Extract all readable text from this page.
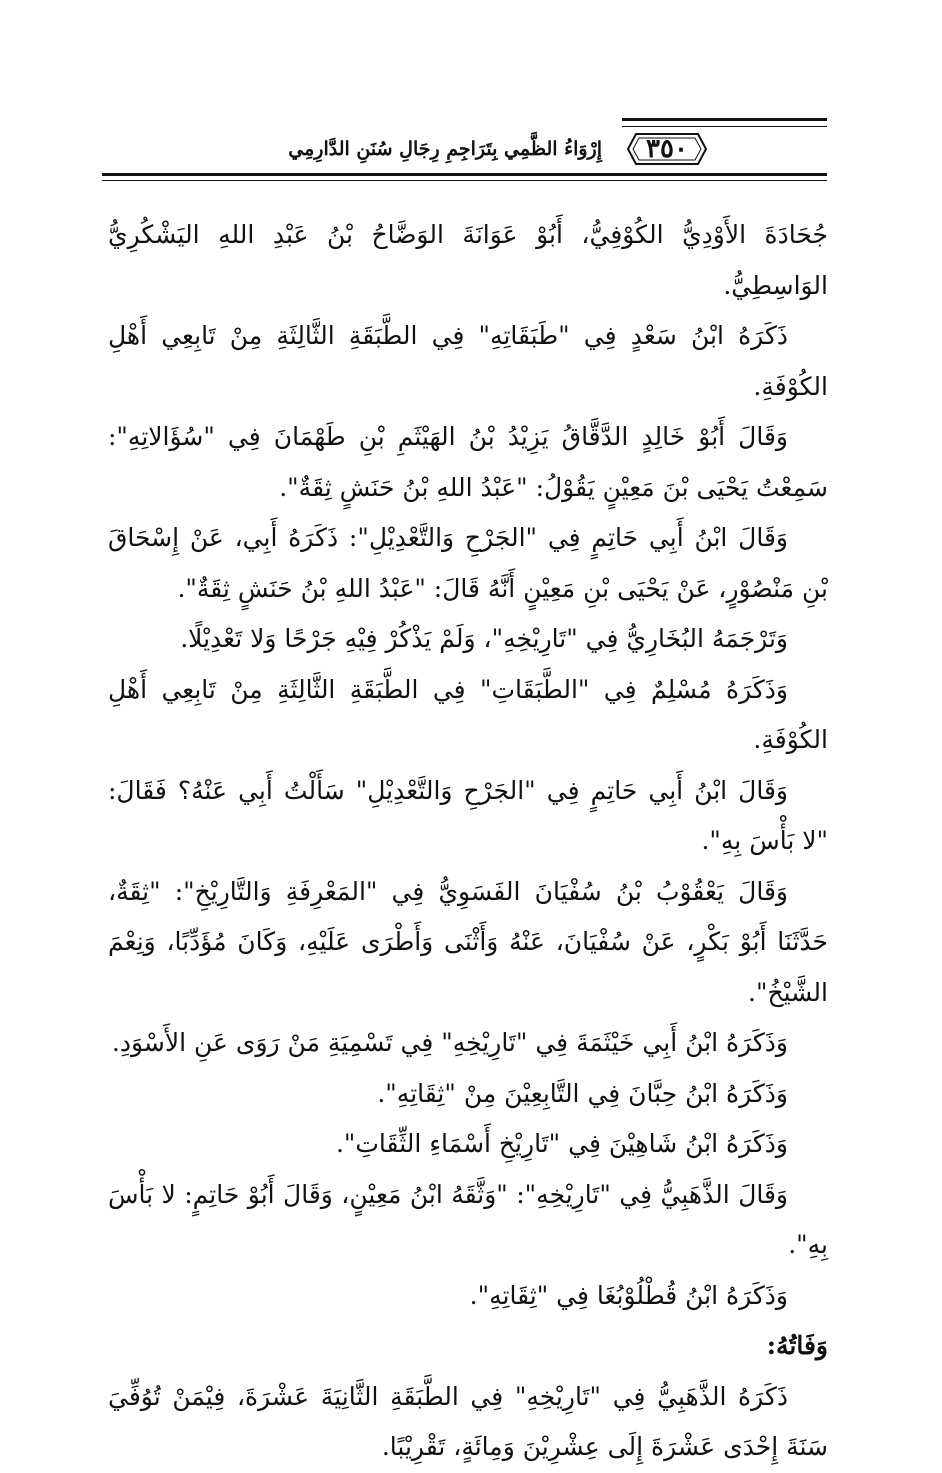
٣٥٠
إِرْوَاءُ الظَّمِي بِتَرَاجِمِ رِجَالِ سُنَنِ الدَّارِمِي

جُحَادَةَ الأَوْدِيُّ الكُوْفِيُّ، أَبُوْ عَوَانَةَ الوَضَّاحُ بْنُ عَبْدِ اللهِ اليَشْكُرِيُّ الوَاسِطِيُّ.

ذَكَرَهُ ابْنُ سَعْدٍ فِي "طَبَقَاتِهِ" فِي الطَّبَقَةِ الثَّالِثَةِ مِنْ تَابِعِي أَهْلِ الكُوْفَةِ.

وَقَالَ أَبُوْ خَالِدٍ الدَّقَّاقُ يَزِيْدُ بْنُ الهَيْثَمِ بْنِ طَهْمَانَ فِي "سُؤَالاتِهِ": سَمِعْتُ يَحْيَى بْنَ مَعِيْنٍ يَقُوْلُ: "عَبْدُ اللهِ بْنُ حَنَشٍ ثِقَةٌ".

وَقَالَ ابْنُ أَبِي حَاتِمٍ فِي "الجَرْحِ وَالتَّعْدِيْلِ": ذَكَرَهُ أَبِي، عَنْ إِسْحَاقَ بْنِ مَنْصُوْرٍ، عَنْ يَحْيَى بْنِ مَعِيْنٍ أَنَّهُ قَالَ: "عَبْدُ اللهِ بْنُ حَنَشٍ ثِقَةٌ".

وَتَرْجَمَهُ البُخَارِيُّ فِي "تَارِيْخِهِ"، وَلَمْ يَذْكُرْ فِيْهِ جَرْحًا وَلا تَعْدِيْلًا.

وَذَكَرَهُ مُسْلِمٌ فِي "الطَّبَقَاتِ" فِي الطَّبَقَةِ الثَّالِثَةِ مِنْ تَابِعِي أَهْلِ الكُوْفَةِ.

وَقَالَ ابْنُ أَبِي حَاتِمٍ فِي "الجَرْحِ وَالتَّعْدِيْلِ" سَأَلْتُ أَبِي عَنْهُ؟ فَقَالَ: "لا بَأْسَ بِهِ".

وَقَالَ يَعْقُوْبُ بْنُ سُفْيَانَ الفَسَوِيُّ فِي "المَعْرِفَةِ وَالتَّارِيْخِ": "ثِقَةٌ، حَدَّثَنَا أَبُوْ بَكْرٍ، عَنْ سُفْيَانَ، عَنْهُ وَأَثْنَى وَأَطْرَى عَلَيْهِ، وَكَانَ مُؤَدِّبًا، وَنِعْمَ الشَّيْخُ".

وَذَكَرَهُ ابْنُ أَبِي خَيْثَمَةَ فِي "تَارِيْخِهِ" فِي تَسْمِيَةِ مَنْ رَوَى عَنِ الأَسْوَدِ.

وَذَكَرَهُ ابْنُ حِبَّانَ فِي التَّابِعِيْنَ مِنْ "ثِقَاتِهِ".

وَذَكَرَهُ ابْنُ شَاهِيْنَ فِي "تَارِيْخِ أَسْمَاءِ الثِّقَاتِ".

وَقَالَ الذَّهَبِيُّ فِي "تَارِيْخِهِ": "وَثَّقَهُ ابْنُ مَعِيْنٍ، وَقَالَ أَبُوْ حَاتِمٍ: لا بَأْسَ بِهِ".

وَذَكَرَهُ ابْنُ قُطْلُوْبُغَا فِي "ثِقَاتِهِ".

وَفَاتُهُ:

ذَكَرَهُ الذَّهَبِيُّ فِي "تَارِيْخِهِ" فِي الطَّبَقَةِ الثَّانِيَةَ عَشْرَةَ، فِيْمَنْ تُوُفِّيَ سَنَةَ إِحْدَى عَشْرَةَ إِلَى عِشْرِيْنَ وَمِائَةٍ، تَقْرِيْبًا.
